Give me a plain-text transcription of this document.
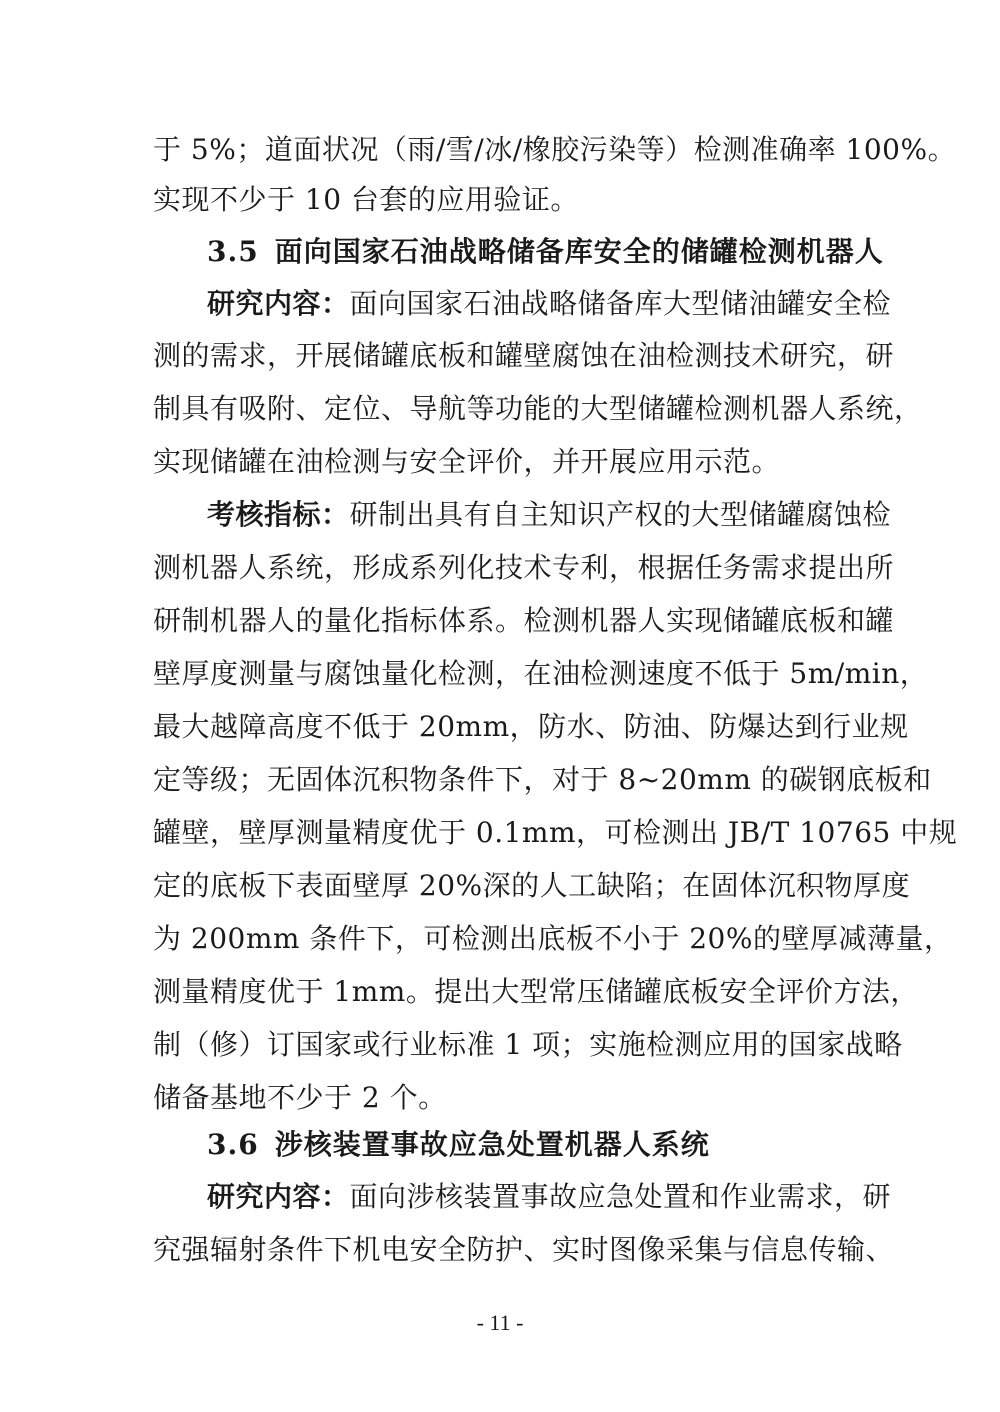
于 5%；道面状况（雨/雪/冰/橡胶污染等）检测准确率 100%。
实现不少于 10 台套的应用验证。
3.5 面向国家石油战略储备库安全的储罐检测机器人
研究内容：面向国家石油战略储备库大型储油罐安全检
测的需求，开展储罐底板和罐壁腐蚀在油检测技术研究，研
制具有吸附、定位、导航等功能的大型储罐检测机器人系统，
实现储罐在油检测与安全评价，并开展应用示范。
考核指标：研制出具有自主知识产权的大型储罐腐蚀检
测机器人系统，形成系列化技术专利，根据任务需求提出所
研制机器人的量化指标体系。检测机器人实现储罐底板和罐
壁厚度测量与腐蚀量化检测，在油检测速度不低于 5m/min，
最大越障高度不低于 20mm，防水、防油、防爆达到行业规
定等级；无固体沉积物条件下，对于 8~20mm 的碳钢底板和
罐壁，壁厚测量精度优于 0.1mm，可检测出 JB/T 10765 中规
定的底板下表面壁厚 20%深的人工缺陷；在固体沉积物厚度
为 200mm 条件下，可检测出底板不小于 20%的壁厚减薄量，
测量精度优于 1mm。提出大型常压储罐底板安全评价方法，
制（修）订国家或行业标准 1 项；实施检测应用的国家战略
储备基地不少于 2 个。
3.6 涉核装置事故应急处置机器人系统
研究内容：面向涉核装置事故应急处置和作业需求，研
究强辐射条件下机电安全防护、实时图像采集与信息传输、
- 11 -
